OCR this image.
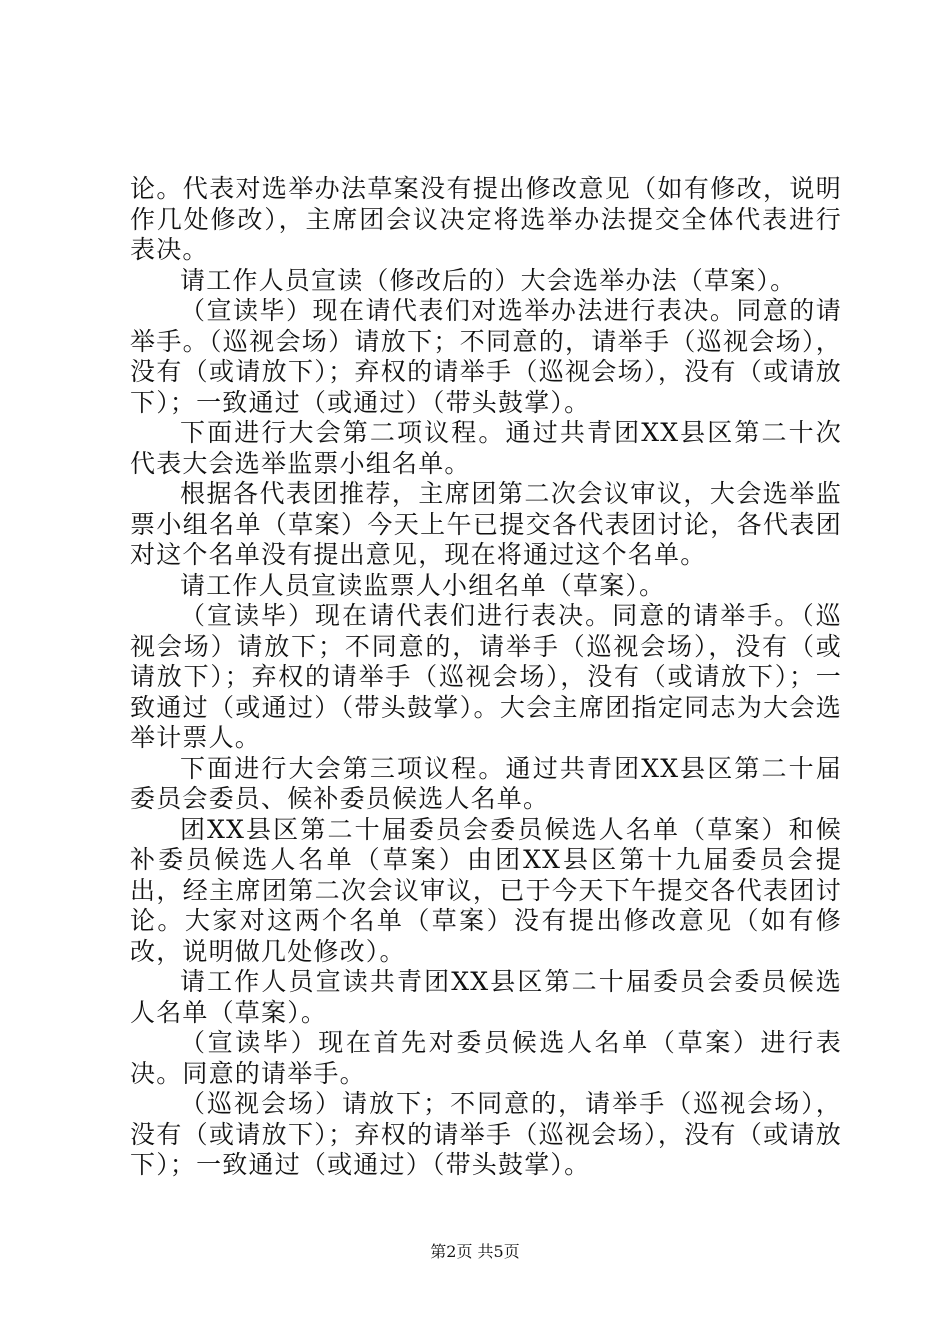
论。代表对选举办法草案没有提出修改意见（如有修改，说明作几处修改），主席团会议决定将选举办法提交全体代表进行表决。

请工作人员宣读（修改后的）大会选举办法（草案）。

（宣读毕）现在请代表们对选举办法进行表决。同意的请举手。（巡视会场）请放下；不同意的，请举手（巡视会场），没有（或请放下）；弃权的请举手（巡视会场），没有（或请放下）；一致通过（或通过）（带头鼓掌）。

下面进行大会第二项议程。通过共青团XX县区第二十次代表大会选举监票小组名单。

根据各代表团推荐，主席团第二次会议审议，大会选举监票小组名单（草案）今天上午已提交各代表团讨论，各代表团对这个名单没有提出意见，现在将通过这个名单。

请工作人员宣读监票人小组名单（草案）。

（宣读毕）现在请代表们进行表决。同意的请举手。（巡视会场）请放下；不同意的，请举手（巡视会场），没有（或请放下）；弃权的请举手（巡视会场），没有（或请放下）；一致通过（或通过）（带头鼓掌）。大会主席团指定同志为大会选举计票人。

下面进行大会第三项议程。通过共青团XX县区第二十届委员会委员、候补委员候选人名单。

团XX县区第二十届委员会委员候选人名单（草案）和候补委员候选人名单（草案）由团XX县区第十九届委员会提出，经主席团第二次会议审议，已于今天下午提交各代表团讨论。大家对这两个名单（草案）没有提出修改意见（如有修改，说明做几处修改）。

请工作人员宣读共青团XX县区第二十届委员会委员候选人名单（草案）。

（宣读毕）现在首先对委员候选人名单（草案）进行表决。同意的请举手。

（巡视会场）请放下；不同意的，请举手（巡视会场），没有（或请放下）；弃权的请举手（巡视会场），没有（或请放下）；一致通过（或通过）（带头鼓掌）。

第2页 共5页
